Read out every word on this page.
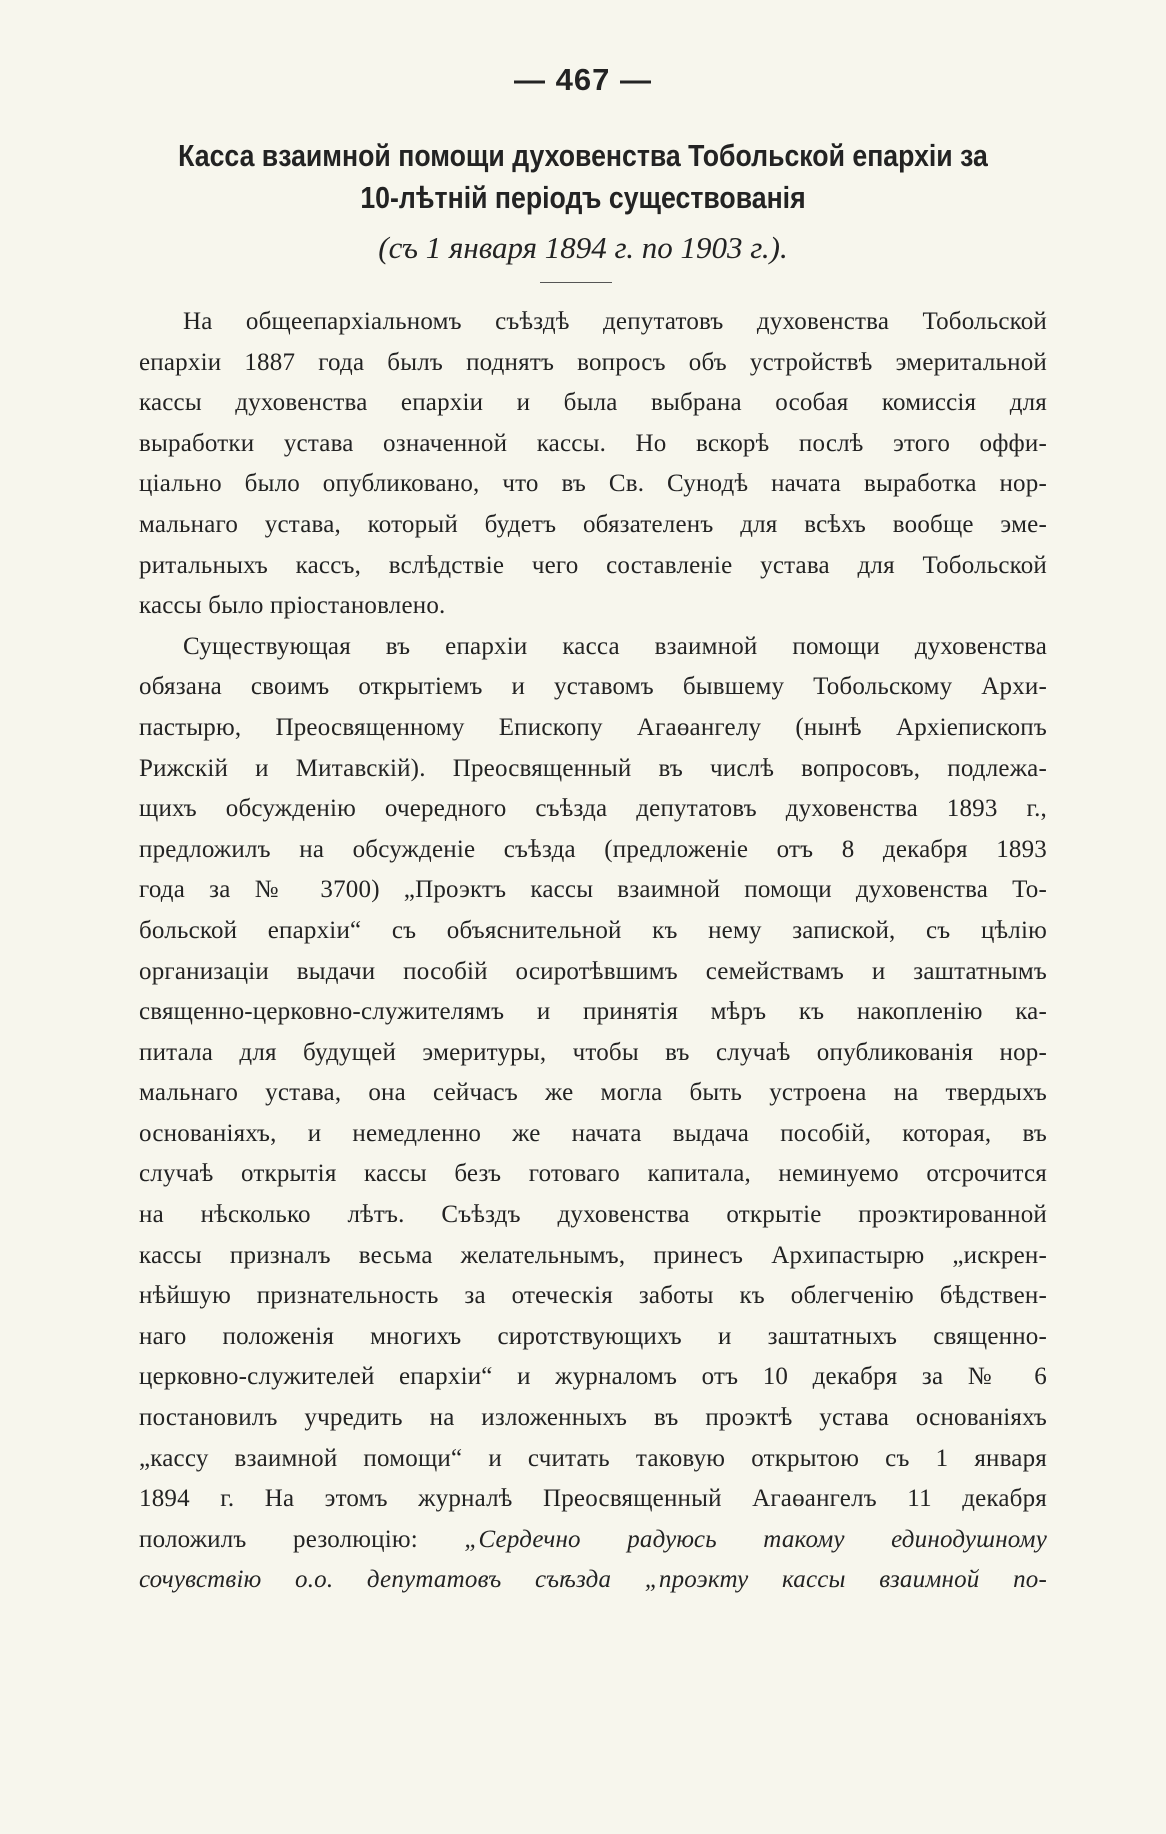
— 467 —
Касса взаимной помощи духовенства Тобольской епархіи за
10-лѣтній періодъ существованія
(съ 1 января 1894 г. по 1903 г.).
На общеепархіальномъ съѣздѣ депутатовъ духовенства Тобольской
епархіи 1887 года былъ поднятъ вопросъ объ устройствѣ эмеритальной
кассы духовенства епархіи и была выбрана особая комиссія для
выработки устава означенной кассы. Но вскорѣ послѣ этого оффи-
ціально было опубликовано, что въ Св. Сунодѣ начата выработка нор-
мальнаго устава, который будетъ обязателенъ для всѣхъ вообще эме-
ритальныхъ кассъ, вслѣдствіе чего составленіе устава для Тобольской
кассы было пріостановлено.
Существующая въ епархіи касса взаимной помощи духовенства
обязана своимъ открытіемъ и уставомъ бывшему Тобольскому Архи-
пастырю, Преосвященному Епископу Агаөангелу (нынѣ Архіепископъ
Рижскій и Митавскій). Преосвященный въ числѣ вопросовъ, подлежа-
щихъ обсужденію очередного съѣзда депутатовъ духовенства 1893 г.,
предложилъ на обсужденіе съѣзда (предложеніе отъ 8 декабря 1893
года за № 3700) „Проэктъ кассы взаимной помощи духовенства То-
больской епархіи“ съ объяснительной къ нему запиской, съ цѣлію
организаціи выдачи пособій осиротѣвшимъ семействамъ и заштатнымъ
священно-церковно-служителямъ и принятія мѣръ къ накопленію ка-
питала для будущей эмеритуры, чтобы въ случаѣ опубликованія нор-
мальнаго устава, она сейчасъ же могла быть устроена на твердыхъ
основаніяхъ, и немедленно же начата выдача пособій, которая, въ
случаѣ открытія кассы безъ готоваго капитала, неминуемо отсрочится
на нѣсколько лѣтъ. Съѣздъ духовенства открытіе проэктированной
кассы призналъ весьма желательнымъ, принесъ Архипастырю „искрен-
нѣйшую признательность за отеческія заботы къ облегченію бѣдствен-
наго положенія многихъ сиротствующихъ и заштатныхъ священно-
церковно-служителей епархіи“ и журналомъ отъ 10 декабря за № 6
постановилъ учредить на изложенныхъ въ проэктѣ устава основаніяхъ
„кассу взаимной помощи“ и считать таковую открытою съ 1 января
1894 г. На этомъ журналѣ Преосвященный Агаөангелъ 11 декабря
положилъ резолюцію: „Сердечно радуюсь такому единодушному
сочувствію о.о. депутатовъ съѣзда „проэкту кассы взаимной по-
